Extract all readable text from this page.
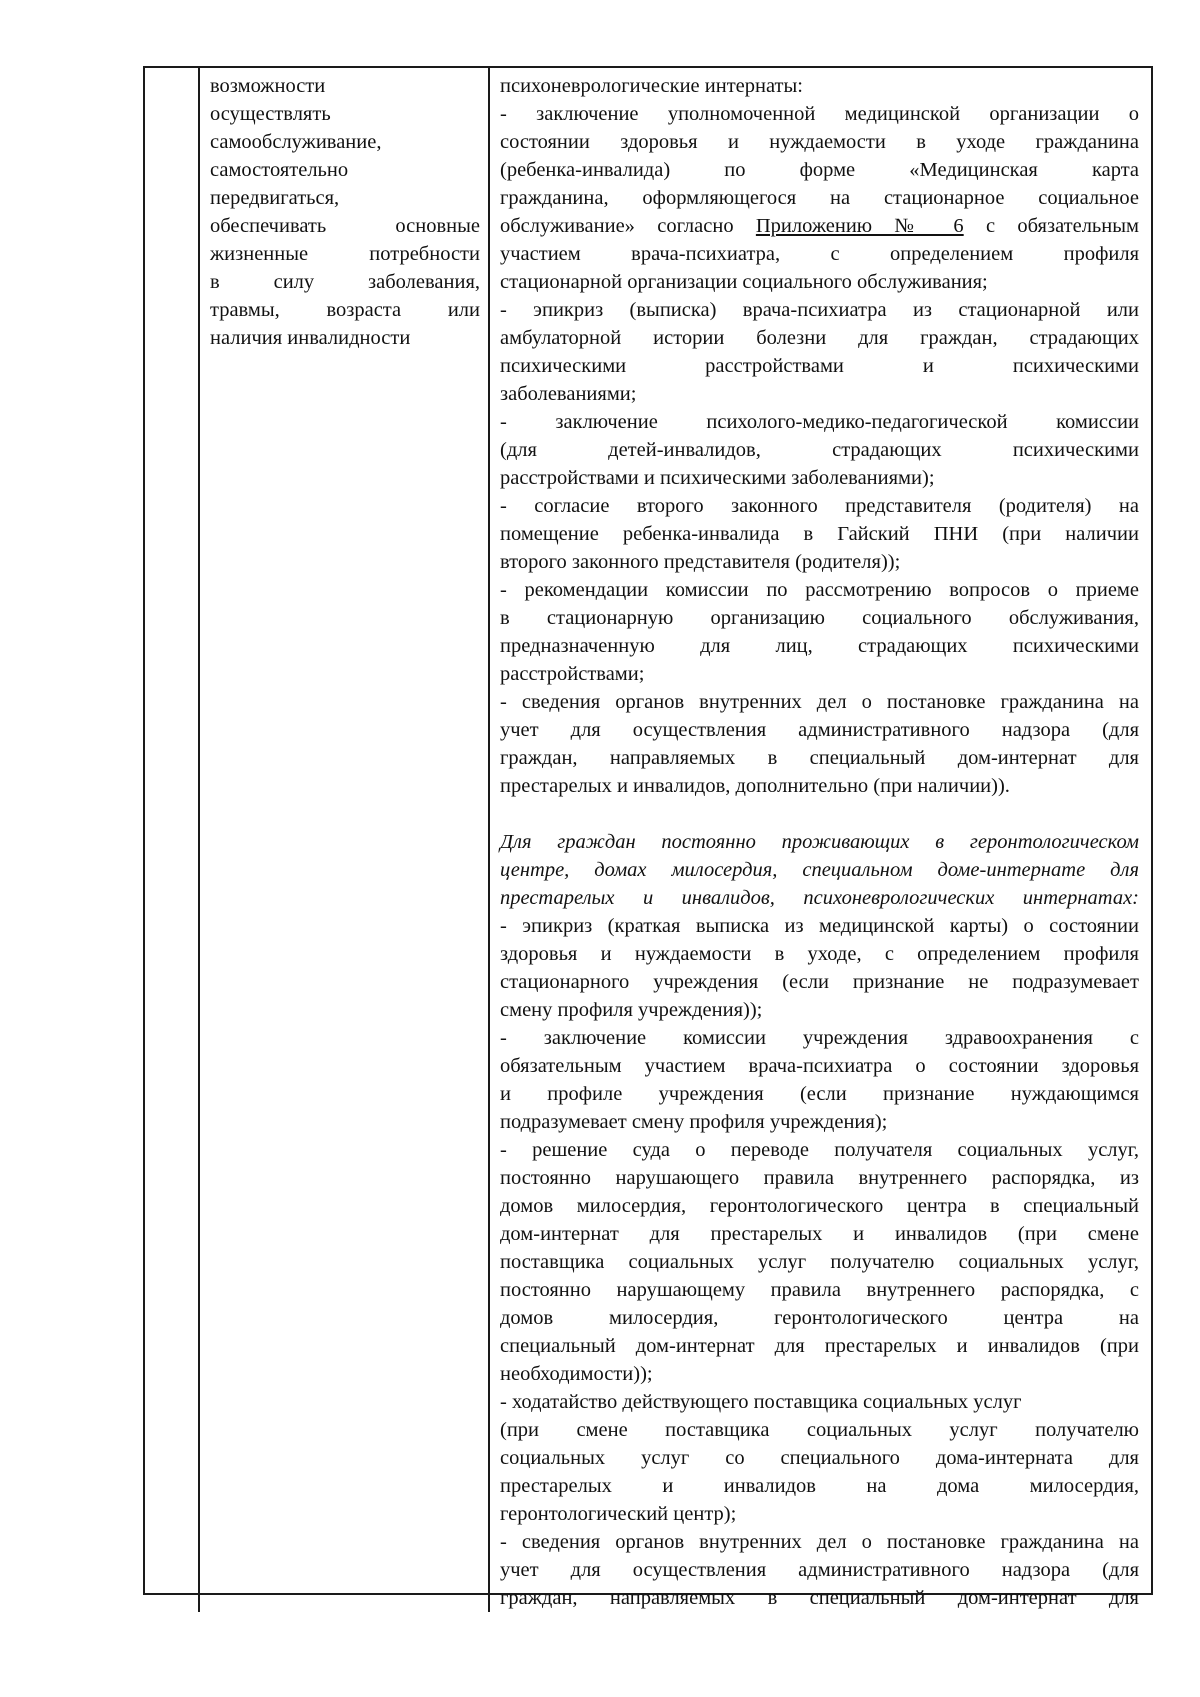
возможности
осуществлять
самообслуживание,
самостоятельно
передвигаться,
обеспечивать основные
жизненные потребности
в силу заболевания,
травмы, возраста или
наличия инвалидности
психоневрологические интернаты:
- заключение уполномоченной медицинской организации о
состоянии здоровья и нуждаемости в уходе гражданина
(ребенка-инвалида) по форме «Медицинская карта
гражданина, оформляющегося на стационарное социальное
обслуживание» согласно Приложению № 6 с обязательным
участием врача-психиатра, с определением профиля
стационарной организации социального обслуживания;
- эпикриз (выписка) врача-психиатра из стационарной или
амбулаторной истории болезни для граждан, страдающих
психическими расстройствами и психическими
заболеваниями;
- заключение психолого-медико-педагогической комиссии
(для детей-инвалидов, страдающих психическими
расстройствами и психическими заболеваниями);
- согласие второго законного представителя (родителя) на
помещение ребенка-инвалида в Гайский ПНИ (при наличии
второго законного представителя (родителя));
- рекомендации комиссии по рассмотрению вопросов о приеме
в стационарную организацию социального обслуживания,
предназначенную для лиц, страдающих психическими
расстройствами;
- сведения органов внутренних дел о постановке гражданина на
учет для осуществления административного надзора (для
граждан, направляемых в специальный дом-интернат для
престарелых и инвалидов, дополнительно (при наличии)).
Для граждан постоянно проживающих в геронтологическом
центре, домах милосердия, специальном доме-интернате для
престарелых и инвалидов, психоневрологических интернатах:
- эпикриз (краткая выписка из медицинской карты) о состоянии
здоровья и нуждаемости в уходе, с определением профиля
стационарного учреждения (если признание не подразумевает
смену профиля учреждения));
- заключение комиссии учреждения здравоохранения с
обязательным участием врача-психиатра о состоянии здоровья
и профиле учреждения (если признание нуждающимся
подразумевает смену профиля учреждения);
- решение суда о переводе получателя социальных услуг,
постоянно нарушающего правила внутреннего распорядка, из
домов милосердия, геронтологического центра в специальный
дом-интернат для престарелых и инвалидов (при смене
поставщика социальных услуг получателю социальных услуг,
постоянно нарушающему правила внутреннего распорядка, с
домов милосердия, геронтологического центра на
специальный дом-интернат для престарелых и инвалидов (при
необходимости));
- ходатайство действующего поставщика социальных услуг
(при смене поставщика социальных услуг получателю
социальных услуг со специального дома-интерната для
престарелых и инвалидов на дома милосердия,
геронтологический центр);
- сведения органов внутренних дел о постановке гражданина на
учет для осуществления административного надзора (для
граждан, направляемых в специальный дом-интернат для
